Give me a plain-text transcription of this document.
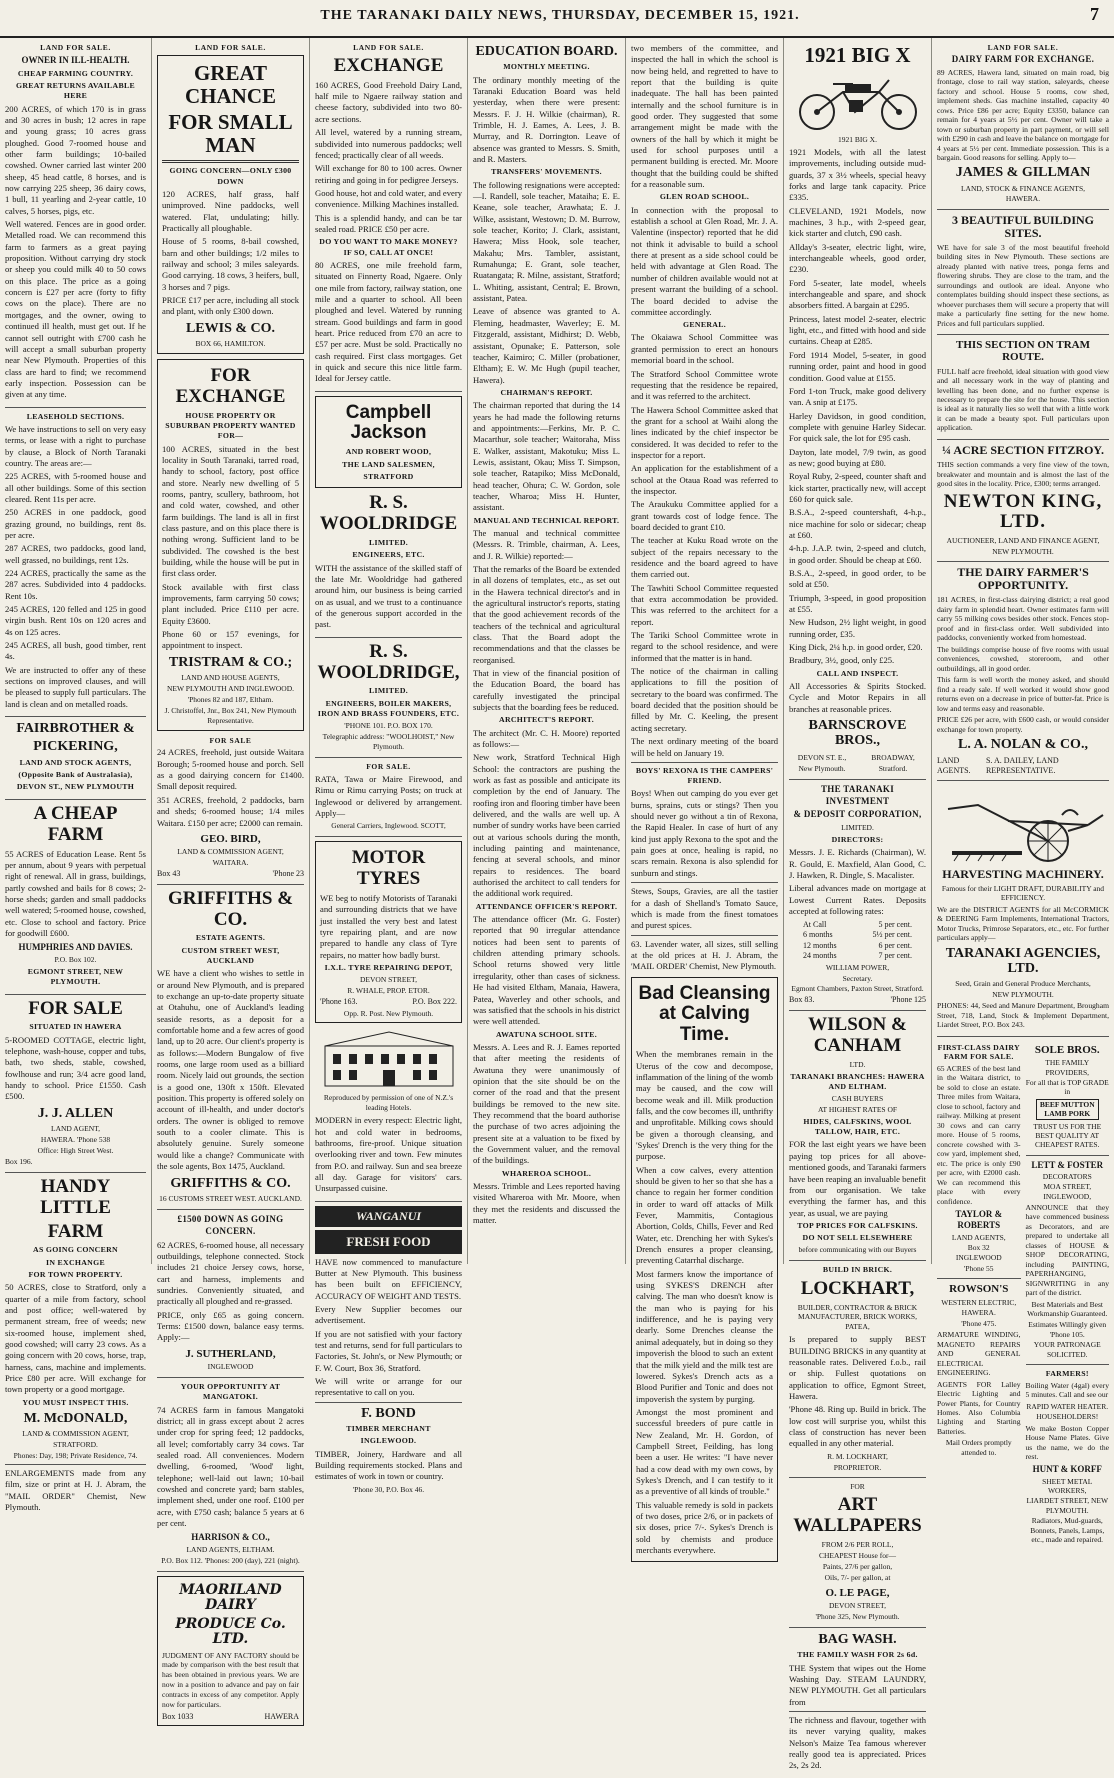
THE TARANAKI DAILY NEWS, THURSDAY, DECEMBER 15, 1921.	7
LAND FOR SALE.
OWNER IN ILL-HEALTH.
CHEAP FARMING COUNTRY.
GREAT RETURNS AVAILABLE HERE
200 ACRES, of which 170 is in grass and 30 acres in bush; 12 acres in rape and young grass; 10 acres grass ploughed. Good 7-roomed house and other farm buildings; 10-bailed cowshed. Owner carried last winter 200 sheep, 45 head cattle, 8 horses, and is now carrying 225 sheep, 36 dairy cows, 1 bull, 11 yearling and 2-year cattle, 10 calves, 5 horses, pigs, etc.
Well watered. Fences are in good order. Metalled road. We can recommend this farm to farmers as a great paying proposition. Without carrying dry stock or sheep you could milk 40 to 50 cows on this place. The price as a going concern is £27 per acre (forty to fifty cows on the place). There are no mortgages, and the owner, owing to continued ill health, must get out. If he cannot sell outright with £700 cash he will accept a small suburban property near New Plymouth. Properties of this class are hard to find; we recommend early inspection. Possession can be given at any time.
LEASEHOLD SECTIONS.
We have instructions to sell on very easy terms, or lease with a right to purchase by clause, a Block of North Taranaki country. The areas are:—
225 ACRES, with 5-roomed house and all other buildings. Some of this section cleared. Rent 11s per acre.
250 ACRES in one paddock, good grazing ground, no buildings, rent 8s. per acre.
287 ACRES, two paddocks, good land, well grassed, no buildings, rent 12s.
224 ACRES, practically the same as the 287 acres. Subdivided into 4 paddocks. Rent 10s.
245 ACRES, 120 felled and 125 in good virgin bush. Rent 10s on 120 acres and 4s on 125 acres.
245 ACRES, all bush, good timber, rent 4s.
We are instructed to offer any of these sections on improved clauses, and will be pleased to supply full particulars. The land is clean and on metalled roads.
FAIRBROTHER &
PICKERING,
LAND AND STOCK AGENTS,
(Opposite Bank of Australasia),
DEVON ST., NEW PLYMOUTH
A CHEAP FARM
55 ACRES of Education Lease. Rent 5s per annum, about 9 years with perpetual right of renewal. All in grass, buildings, partly cowshed and bails for 8 cows; 2-horse sheds; garden and small paddocks well watered; 5-roomed house, cowshed, etc. Close to school and factory. Price for goodwill £600.
HUMPHRIES AND DAVIES.
P.O. Box 102.
EGMONT STREET, NEW PLYMOUTH.
FOR SALE
SITUATED IN HAWERA
5-ROOMED COTTAGE, electric light, telephone, wash-house, copper and tubs, bath, two sheds, stable, cowshed, fowlhouse and run; 3/4 acre good land, handy to school. Price £1550. Cash £500.
J. J. ALLEN
LAND AGENT,
HAWERA. 'Phone 538
Office: High Street West.
Box 196.
HANDY LITTLE
FARM
AS GOING CONCERN
IN EXCHANGE
FOR TOWN PROPERTY.
50 ACRES, close to Stratford, only a quarter of a mile from factory, school and post office; well-watered by permanent stream, free of weeds; new six-roomed house, implement shed, good cowshed; will carry 23 cows. As a going concern with 20 cows, horse, trap, harness, cans, machine and implements. Price £80 per acre. Will exchange for town property or a good mortgage.
YOU MUST INSPECT THIS.
M. McDONALD,
LAND & COMMISSION AGENT,
STRATFORD.
Phones: Day, 198; Private Residence, 74.
ENLARGEMENTS made from any film, size or print at H. J. Abram, the "MAIL ORDER" Chemist, New Plymouth.
LAND FOR SALE.
GREAT CHANCE
FOR SMALL MAN
GOING CONCERN—ONLY £300 DOWN
120 ACRES, half grass, half unimproved. Nine paddocks, well watered. Flat, undulating; hilly. Practically all ploughable.
House of 5 rooms, 8-bail cowshed, barn and other buildings; 1/2 miles to railway and school; 3 miles saleyards. Good carrying. 18 cows, 3 heifers, bull, 3 horses and 7 pigs.
PRICE £17 per acre, including all stock and plant, with only £300 down.
LEWIS & CO.
BOX 66, HAMILTON.
FOR EXCHANGE
HOUSE PROPERTY OR SUBURBAN PROPERTY WANTED FOR—
100 ACRES, situated in the best locality in South Taranaki, tarred road, handy to school, factory, post office and store. Nearly new dwelling of 5 rooms, pantry, scullery, bathroom, hot and cold water, cowshed, and other farm buildings. The land is all in first class pasture, and on this place there is nothing wrong. Sufficient land to be subdivided. The cowshed is the best building, while the house will be put in first class order.
Stock available with first class improvements, farm carrying 50 cows; plant included. Price £110 per acre. Equity £3600.
Phone 60 or 157 evenings, for appointment to inspect.
TRISTRAM & CO.;
LAND AND HOUSE AGENTS,
NEW PLYMOUTH AND INGLEWOOD.
'Phones 82 and 187, Eltham.
J. Christoffel, Jnr., Box 241, New Plymouth Representative.
FOR SALE
24 ACRES, freehold, just outside Waitara Borough; 5-roomed house and porch. Sell as a good dairying concern for £1400. Small deposit required.
351 ACRES, freehold, 2 paddocks, barn and sheds; 6-roomed house; 1/4 miles Waitara. £150 per acre; £2000 can remain.
GEO. BIRD,
LAND & COMMISSION AGENT,
WAITARA.
Box 43	'Phone 23
GRIFFITHS & CO.
ESTATE AGENTS.
CUSTOM STREET WEST, AUCKLAND
WE have a client who wishes to settle in or around New Plymouth, and is prepared to exchange an up-to-date property situate at Otahuhu, one of Auckland's leading seaside resorts, as a deposit for a comfortable home and a few acres of good land, up to 20 acre. Our client's property is as follows:—Modern Bungalow of five rooms, one large room used as a billiard room. Nicely laid out grounds, the section is a good one, 130ft x 150ft. Elevated position. This property is offered solely on account of ill-health, and under doctor's orders. The owner is obliged to remove south to a cooler climate. This is absolutely genuine. Surely someone would like a change? Communicate with the sole agents, Box 1475, Auckland.
GRIFFITHS & CO.
16 CUSTOMS STREET WEST. AUCKLAND.
£1500 DOWN AS GOING CONCERN.
62 ACRES, 6-roomed house, all necessary outbuildings, telephone connected. Stock includes 21 choice Jersey cows, horse, cart and harness, implements and sundries. Conveniently situated, and practically all ploughed and re-grassed.
PRICE, only £65 as going concern. Terms: £1500 down, balance easy terms. Apply:—
J. SUTHERLAND,
INGLEWOOD
YOUR OPPORTUNITY AT MANGATOKI.
74 ACRES farm in famous Mangatoki district; all in grass except about 2 acres under crop for spring feed; 12 paddocks, all level; comfortably carry 34 cows. Tar sealed road. All conveniences. Modern dwelling, 6-roomed, 'Wood' light, telephone; well-laid out lawn; 10-bail cowshed and concrete yard; barn stables, implement shed, under one roof. £100 per acre, with £750 cash; balance 5 years at 6 per cent.
HARRISON & CO.,
LAND AGENTS, ELTHAM.
P.O. Box 112. 'Phones: 200 (day), 221 (night).
MAORILAND DAIRY
PRODUCE Co. LTD.
JUDGMENT OF ANY FACTORY should be made by comparison with the best result that has been obtained in previous years. We are now in a position to advance and pay on fair contracts in excess of any competitor. Apply now for particulars.
Box 1033	HAWERA
LAND FOR SALE.
EXCHANGE
160 ACRES, Good Freehold Dairy Land, half mile to Ngaere railway station and cheese factory, subdivided into two 80-acre sections.
All level, watered by a running stream, subdivided into numerous paddocks; well fenced; practically clear of all weeds.
Will exchange for 80 to 100 acres. Owner retiring and going in for pedigree Jerseys.
Good house, hot and cold water, and every convenience. Milking Machines installed.
This is a splendid handy, and can be tar sealed road. PRICE £50 per acre.
DO YOU WANT TO MAKE MONEY? IF SO, CALL AT ONCE!
80 ACRES, one mile freehold farm, situated on Finnerty Road, Ngaere. Only one mile from factory, railway station, one mile and a quarter to school. All been ploughed and level. Watered by running stream. Good buildings and farm in good heart. Price reduced from £70 an acre to £57 per acre. Must be sold. Practically no cash required. First class mortgages. Get in quick and secure this nice little farm. Ideal for Jersey cattle.
Campbell Jackson
AND ROBERT WOOD,
THE LAND SALESMEN,
STRATFORD
R. S. WOOLDRIDGE
LIMITED.
ENGINEERS, ETC.
WITH the assistance of the skilled staff of the late Mr. Wooldridge had gathered around him, our business is being carried on as usual, and we trust to a continuance of the generous support accorded in the past.
R. S. WOOLDRIDGE,
LIMITED.
ENGINEERS, BOILER MAKERS, IRON AND BRASS FOUNDERS, ETC.
'PHONE 101. P.O. BOX 170.
Telegraphic address: "WOOLHOIST," New Plymouth.
FOR SALE.
RATA, Tawa or Maire Firewood, and Rimu or Rimu carrying Posts; on truck at Inglewood or delivered by arrangement. Apply—
General Carriers, Inglewood. SCOTT,
MOTOR TYRES
WE beg to notify Motorists of Taranaki and surrounding districts that we have just installed the very best and latest tyre repairing plant, and are now prepared to handle any class of Tyre repairs, no matter how badly burst.
I.X.L. TYRE REPAIRING DEPOT,
DEVON STREET,
R. WHALE, PROP. ETOR.
'Phone 163.	P.O. Box 222.
Opp. R. Post. New Plymouth.
Reproduced by permission of one of N.Z.'s leading Hotels.
MODERN in every respect: Electric light, hot and cold water in bedrooms, bathrooms, fire-proof. Unique situation overlooking river and town. Few minutes from P.O. and railway. Sun and sea breeze all day. Garage for visitors' cars. Unsurpassed cuisine.
WANGANUI
FRESH FOOD
HAVE now commenced to manufacture Butter at New Plymouth. This business has been built on EFFICIENCY, ACCURACY OF WEIGHT AND TESTS.
Every New Supplier becomes our advertisement.
If you are not satisfied with your factory test and returns, send for full particulars to Factories, St. John's, or New Plymouth; or F. W. Court, Box 36, Stratford.
We will write or arrange for our representative to call on you.
F. BOND
TIMBER MERCHANT
INGLEWOOD.
TIMBER, Joinery, Hardware and all Building requirements stocked. Plans and estimates of work in town or country.
'Phone 30, P.O. Box 46.
EDUCATION BOARD.
MONTHLY MEETING.
The ordinary monthly meeting of the Taranaki Education Board was held yesterday, when there were present: Messrs. F. J. H. Wilkie (chairman), R. Trimble, H. J. Eames, A. Lees, J. B. Murray, and R. Dorrington. Leave of absence was granted to Messrs. S. Smith, and R. Masters.
TRANSFERS' MOVEMENTS.
The following resignations were accepted:—I. Randell, sole teacher, Mataiha; E. E. Keane, sole teacher, Arawhata; E. J. Wilke, assistant, Westown; D. M. Burrow, sole teacher, Korito; J. Clark, assistant, Hawera; Miss Hook, sole teacher, Makahu; Mrs. Tambler, assistant, Rumahunga; E. Grant, sole teacher, Ruatangata; R. Milne, assistant, Stratford; L. Whiting, assistant, Central; E. Brown, assistant, Patea.
Leave of absence was granted to A. Fleming, headmaster, Waverley; E. M. Fitzgerald, assistant, Midhirst; D. Webb, assistant, Opunake; E. Patterson, sole teacher, Kaimiro; C. Miller (probationer, Eltham); E. W. Mc Hugh (pupil teacher, Hawera).
CHAIRMAN'S REPORT.
The chairman reported that during the 14 years he had made the following returns and appointments:—Ferkins, Mr. P. C. Macarthur, sole teacher; Waitoraha, Miss E. Walker, assistant, Makotuku; Miss L. Lewis, assistant, Okau; Miss T. Simpson, sole teacher, Ratapiko; Miss McDonald, head teacher, Ohura; C. W. Gordon, sole teacher, Wharoa; Miss H. Hunter, assistant.
MANUAL AND TECHNICAL REPORT.
The manual and technical committee (Messrs. R. Trimble, chairman, A. Lees, and J. R. Wilkie) reported:—
That the remarks of the Board be extended in all dozens of templates, etc., as set out in the Hawera technical director's and in the agricultural instructor's reports, stating that the good achievement records of the teachers of the technical and agricultural class. That the Board adopt the recommendations and that the classes be reorganised.
That in view of the financial position of the Education Board, the board has carefully investigated the principal subjects that the boarding fees be reduced.
ARCHITECT'S REPORT.
The architect (Mr. C. H. Moore) reported as follows:—
New work, Stratford Technical High School: the contractors are pushing the work as fast as possible and anticipate its completion by the end of January. The roofing iron and flooring timber have been delivered, and the walls are well up. A number of sundry works have been carried out at various schools during the month, including painting and maintenance, fencing at several schools, and minor repairs to residences. The board authorised the architect to call tenders for the additional work required.
ATTENDANCE OFFICER'S REPORT.
The attendance officer (Mr. G. Foster) reported that 90 irregular attendance notices had been sent to parents of children attending primary schools. School returns showed very little irregularity, other than cases of sickness. He had visited Eltham, Manaia, Hawera, Patea, Waverley and other schools, and was satisfied that the schools in his district were well attended.
AWATUNA SCHOOL SITE.
Messrs. A. Lees and R. J. Eames reported that after meeting the residents of Awatuna they were unanimously of opinion that the site should be on the corner of the road and that the present buildings be removed to the new site. They recommend that the board authorise the purchase of two acres adjoining the present site at a valuation to be fixed by the Government valuer, and the removal of the buildings.
WHAREROA SCHOOL.
Messrs. Trimble and Lees reported having visited Whareroa with Mr. Moore, when they met the residents and discussed the matter.
two members of the committee, and inspected the hall in which the school is now being held, and regretted to have to report that the building is quite inadequate. The hall has been painted internally and the school furniture is in good order. They suggested that some arrangement might be made with the owners of the hall by which it might be used for school purposes until a permanent building is erected. Mr. Moore thought that the building could be shifted for a reasonable sum.
GLEN ROAD SCHOOL.
In connection with the proposal to establish a school at Glen Road, Mr. J. A. Valentine (inspector) reported that he did not think it advisable to build a school there at present as a side school could be held with advantage at Glen Road. The number of children available would not at present warrant the building of a school. The board decided to advise the committee accordingly.
GENERAL.
The Okaiawa School Committee was granted permission to erect an honours memorial board in the school.
The Stratford School Committee wrote requesting that the residence be repaired, and it was referred to the architect.
The Hawera School Committee asked that the grant for a school at Waihi along the lines indicated by the chief inspector be considered. It was decided to refer to the inspector for a report.
An application for the establishment of a school at the Otaua Road was referred to the inspector.
The Araukuku Committee applied for a grant towards cost of lodge fence. The board decided to grant £10.
The teacher at Kuku Road wrote on the subject of the repairs necessary to the residence and the board agreed to have them carried out.
The Tawhiti School Committee requested that extra accommodation be provided. This was referred to the architect for a report.
The Tariki School Committee wrote in regard to the school residence, and were informed that the matter is in hand.
The notice of the chairman in calling applications to fill the position of secretary to the board was confirmed. The board decided that the position should be filled by Mr. C. Keeling, the present acting secretary.
The next ordinary meeting of the board will be held on January 19.
BOYS' REXONA IS THE CAMPERS' FRIEND.
Boys! When out camping do you ever get burns, sprains, cuts or stings? Then you should never go without a tin of Rexona, the Rapid Healer. In case of hurt of any kind just apply Rexona to the spot and the pain goes at once, healing is rapid, no scars remain. Rexona is also splendid for sunburn and stings.
Stews, Soups, Gravies, are all the tastier for a dash of Shelland's Tomato Sauce, which is made from the finest tomatoes and purest spices.
63. Lavender water, all sizes, still selling at the old prices at H. J. Abram, the 'MAIL ORDER' Chemist, New Plymouth.
Bad Cleansing at Calving Time.
When the membranes remain in the Uterus of the cow and decompose, inflammation of the lining of the womb may be caused, and the cow will become weak and ill. Milk production falls, and the cow becomes ill, unthrifty and unprofitable. Milking cows should be given a thorough cleansing, and 'Sykes' Drench is the very thing for the purpose.
When a cow calves, every attention should be given to her so that she has a chance to regain her former condition in order to ward off attacks of Milk Fever, Mammitis, Contagious Abortion, Colds, Chills, Fever and Red Water, etc. Drenching her with Sykes's Drench ensures a proper cleansing, preventing Catarrhal discharge.
Most farmers know the importance of using SYKES'S DRENCH after calving. The man who doesn't know is the man who is paying for his indifference, and he is paying very dearly. Some Drenches cleanse the animal adequately, but in doing so they impoverish the blood to such an extent that the milk yield and the milk test are lowered. Sykes's Drench acts as a Blood Purifier and Tonic and does not impoverish the system by purging.
Amongst the most prominent and successful breeders of pure cattle in New Zealand, Mr. H. Gordon, of Campbell Street, Feilding, has long been a user. He writes: "I have never had a cow dead with my own cows, by Sykes's Drench, and I can testify to it as a preventive of all kinds of trouble."
This valuable remedy is sold in packets of two doses, price 2/6, or in packets of six doses, price 7/-. Sykes's Drench is sold by chemists and produce merchants everywhere.
1921 BIG X
1921 BIG X.
1921 Models, with all the latest improvements, including outside mud-guards, 37 x 3½ wheels, special heavy forks and large tank capacity. Price £335.
CLEVELAND, 1921 Models, now machines, 3 h.p., with 2-speed gear, kick starter and clutch, £90 cash.
Allday's 3-seater, electric light, wire, interchangeable wheels, good order, £230.
Ford 5-seater, late model, wheels interchangeable and spare, and shock absorbers fitted. A bargain at £295.
Princess, latest model 2-seater, electric light, etc., and fitted with hood and side curtains. Cheap at £285.
Ford 1914 Model, 5-seater, in good running order, paint and hood in good condition. Good value at £155.
Ford 1-ton Truck, make good delivery van. A snip at £175.
Harley Davidson, in good condition, complete with genuine Harley Sidecar. For quick sale, the lot for £95 cash.
Dayton, late model, 7/9 twin, as good as new; good buying at £80.
Royal Ruby, 2-speed, counter shaft and kick starter, practically new, will accept £60 for quick sale.
B.S.A., 2-speed countershaft, 4-h.p., nice machine for solo or sidecar; cheap at £60.
4-h.p. J.A.P. twin, 2-speed and clutch, in good order. Should be cheap at £60.
B.S.A., 2-speed, in good order, to be sold at £50.
Triumph, 3-speed, in good proposition at £55.
New Hudson, 2½ light weight, in good running order, £35.
King Dick, 2¼ h.p. in good order, £20.
Bradbury, 3½, good, only £25.
CALL AND INSPECT.
All Accessories & Spirits Stocked. Cycle and Motor Repairs in all branches at reasonable prices.
BARNSCROVE BROS.,
DEVON ST. E.,
New Plymouth.
BROADWAY,
Stratford.
THE TARANAKI INVESTMENT
& DEPOSIT CORPORATION,
LIMITED.
DIRECTORS:
Messrs. J. E. Richards (Chairman), W. R. Gould, E. Maxfield, Alan Good, C. J. Hawken, R. Dingle, S. Macalister.
Liberal advances made on mortgage at Lowest Current Rates. Deposits accepted at following rates:
At Call	5 per cent.
6 months	5½ per cent.
12 months	6 per cent.
24 months	7 per cent.
WILLIAM POWER,
Secretary.
Egmont Chambers, Paxton Street, Stratford.
Box 83.	'Phone 125
WILSON & CANHAM
LTD.
TARANAKI BRANCHES: HAWERA AND ELTHAM.
CASH BUYERS
AT HIGHEST RATES OF
HIDES, CALFSKINS, WOOL TALLOW, HAIR, ETC.
FOR the last eight years we have been paying top prices for all above-mentioned goods, and Taranaki farmers have been reaping an invaluable benefit from our organisation. We take everything the farmer has, and this year, as usual, we are paying
TOP PRICES FOR CALFSKINS.
DO NOT SELL ELSEWHERE
before communicating with our Buyers
BUILD IN BRICK.
LOCKHART,
BUILDER, CONTRACTOR & BRICK MANUFACTURER, BRICK WORKS, PATEA,
Is prepared to supply BEST BUILDING BRICKS in any quantity at reasonable rates. Delivered f.o.b., rail or ship. Fullest quotations on application to office, Egmont Street, Hawera.
'Phone 48. Ring up. Build in brick. The low cost will surprise you, whilst this class of construction has never been equalled in any other material.
R. M. LOCKHART,
PROPRIETOR.
FOR
ART WALLPAPERS
FROM 2/6 PER ROLL,
CHEAPEST House for—
Paints, 27/6 per gallon,
Oils, 7/- per gallon, at
O. LE PAGE,
DEVON STREET,
'Phone 325, New Plymouth.
BAG WASH.
THE FAMILY WASH FOR 2s 6d.
THE System that wipes out the Home Washing Day. STEAM LAUNDRY, NEW PLYMOUTH. Get all particulars from
The richness and flavour, together with its never varying quality, makes Nelson's Maize Tea famous wherever really good tea is appreciated. Prices 2s, 2s 2d.
LAND FOR SALE.
DAIRY FARM FOR EXCHANGE.
89 ACRES, Hawera land, situated on main road, big frontage, close to rail way station, saleyards, cheese factory and school. House 5 rooms, cow shed, implement sheds. Gas machine installed, capacity 40 cows. Price £86 per acre; Equity £3350, balance can remain for 4 years at 5½ per cent. Owner will take a town or suburban property in part payment, or will sell with £290 in cash and leave the balance on mortgage for 4 years at 5½ per cent. Immediate possession. This is a bargain. Good reasons for selling. Apply to—
JAMES & GILLMAN
LAND, STOCK & FINANCE AGENTS,
HAWERA.
3 BEAUTIFUL BUILDING SITES.
WE have for sale 3 of the most beautiful freehold building sites in New Plymouth. These sections are already planted with native trees, ponga ferns and flowering shrubs. They are close to the tram, and the surroundings and outlook are ideal. Anyone who contemplates building should inspect these sections, as whoever purchases them will secure a property that will make a particularly fine setting for the new home. Prices and full particulars supplied.
THIS SECTION ON TRAM ROUTE.
FULL half acre freehold, ideal situation with good view and all necessary work in the way of planting and levelling has been done, and no further expense is necessary to prepare the site for the house. This section is ideal as it naturally lies so well that with a little work it can be made a beauty spot. Full particulars upon application.
¼ ACRE SECTION FITZROY.
THIS section commands a very fine view of the town, breakwater and mountain and is almost the last of the good sites in the locality. Price, £300; terms arranged.
NEWTON KING, LTD.
AUCTIONEER, LAND AND FINANCE AGENT,
NEW PLYMOUTH.
THE DAIRY FARMER'S OPPORTUNITY.
181 ACRES, in first-class dairying district; a real good dairy farm in splendid heart. Owner estimates farm will carry 55 milking cows besides other stock. Fences stop-proof and in first-class order. Well subdivided into paddocks, conveniently worked from homestead.
The buildings comprise house of five rooms with usual conveniences, cowshed, storeroom, and other outbuildings, all in good order.
This farm is well worth the money asked, and should find a ready sale. If well worked it would show good returns even on a decrease in price of butter-fat. Price is low and terms easy and reasonable.
PRICE £26 per acre, with £600 cash, or would consider exchange for town property.
L. A. NOLAN & CO.,
LAND AGENTS.
S. A. DAILEY, LAND REPRESENTATIVE.
HARVESTING MACHINERY.
Famous for their LIGHT DRAFT, DURABILITY and EFFICIENCY.
We are the DISTRICT AGENTS for all McCORMICK & DEERING Farm Implements, International Tractors, Motor Trucks, Primrose Separators, etc., etc. For further particulars apply—
TARANAKI AGENCIES, LTD.
Seed, Grain and General Produce Merchants,
NEW PLYMOUTH.
PHONES: 44, Seed and Manure Department, Brougham Street, 718, Land, Stock & Implement Department, Liardet Street, P.O. Box 243.
FIRST-CLASS DAIRY FARM FOR SALE.
65 ACRES of the best land in the Waitara district, to be sold to close an estate. Three miles from Waitara, close to school, factory and railway. Milking at present 30 cows and can carry more. House of 5 rooms, concrete cowshed with 3-cow yard, implement shed, etc. The price is only £90 per acre, with £2000 cash. We can recommend this place with every confidence.
TAYLOR & ROBERTS
LAND AGENTS,
Box 32
INGLEWOOD
'Phone 55
ROWSON'S
WESTERN ELECTRIC,
HAWERA.
'Phone 475.
ARMATURE WINDING, MAGNETO REPAIRS AND GENERAL ELECTRICAL ENGINEERING.
AGENTS FOR Lalley Electric Lighting and Power Plants, for Country Homes. Also Columbia Lighting and Starting Batteries.
Mail Orders promptly attended to.
SOLE BROS.
THE FAMILY PROVIDERS,
For all that is TOP GRADE in
BEEF MUTTON LAMB PORK
TRUST US FOR THE BEST QUALITY AT CHEAPEST RATES.
LETT & FOSTER
DECORATORS
MOA STREET, INGLEWOOD,
ANNOUNCE that they have commenced business as Decorators, and are prepared to undertake all classes of HOUSE & SHOP DECORATING, including PAINTING, PAPERHANGING, SIGNWRITING in any part of the district.
Best Materials and Best Workmanship Guaranteed.
Estimates Willingly given
'Phone 105.
YOUR PATRONAGE SOLICITED.
FARMERS!
Boiling Water (4gal) every 5 minutes. Call and see our
RAPID WATER HEATER.
HOUSEHOLDERS!
We make Boston Copper House Name Plates. Give us the name, we do the rest.
HUNT & KORFF
SHEET METAL WORKERS,
LIARDET STREET, NEW PLYMOUTH.
Radiators, Mud-guards, Bonnets, Panels, Lamps, etc., made and repaired.
